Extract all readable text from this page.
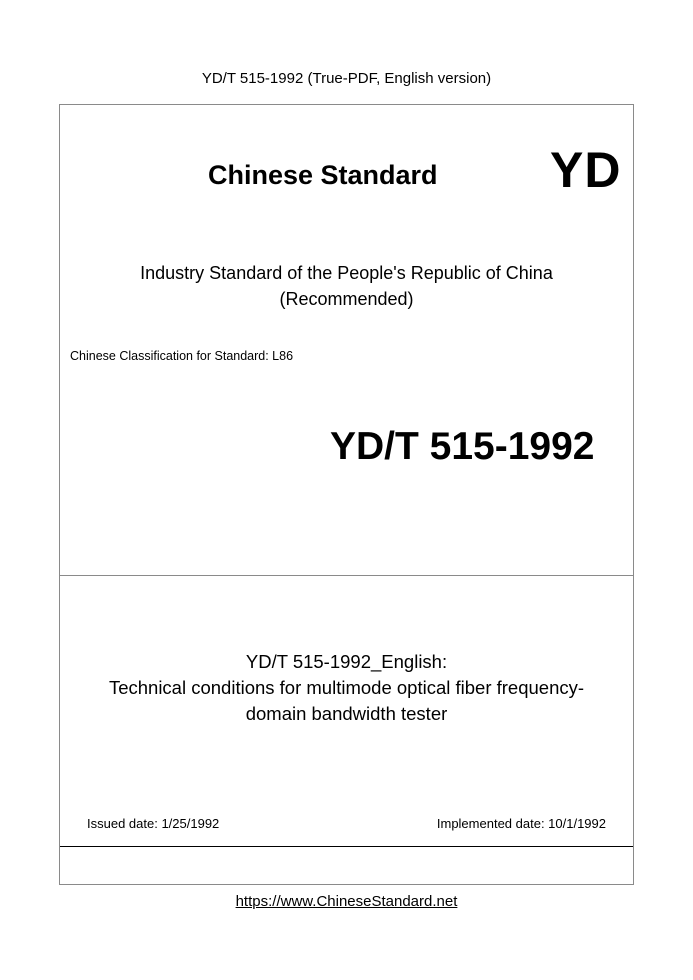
YD/T 515-1992 (True-PDF, English version)
Chinese Standard YD
Industry Standard of the People's Republic of China
(Recommended)
Chinese Classification for Standard: L86
YD/T 515-1992
YD/T 515-1992_English:
Technical conditions for multimode optical fiber frequency-
domain bandwidth tester
Issued date: 1/25/1992	Implemented date: 10/1/1992
https://www.ChineseStandard.net
